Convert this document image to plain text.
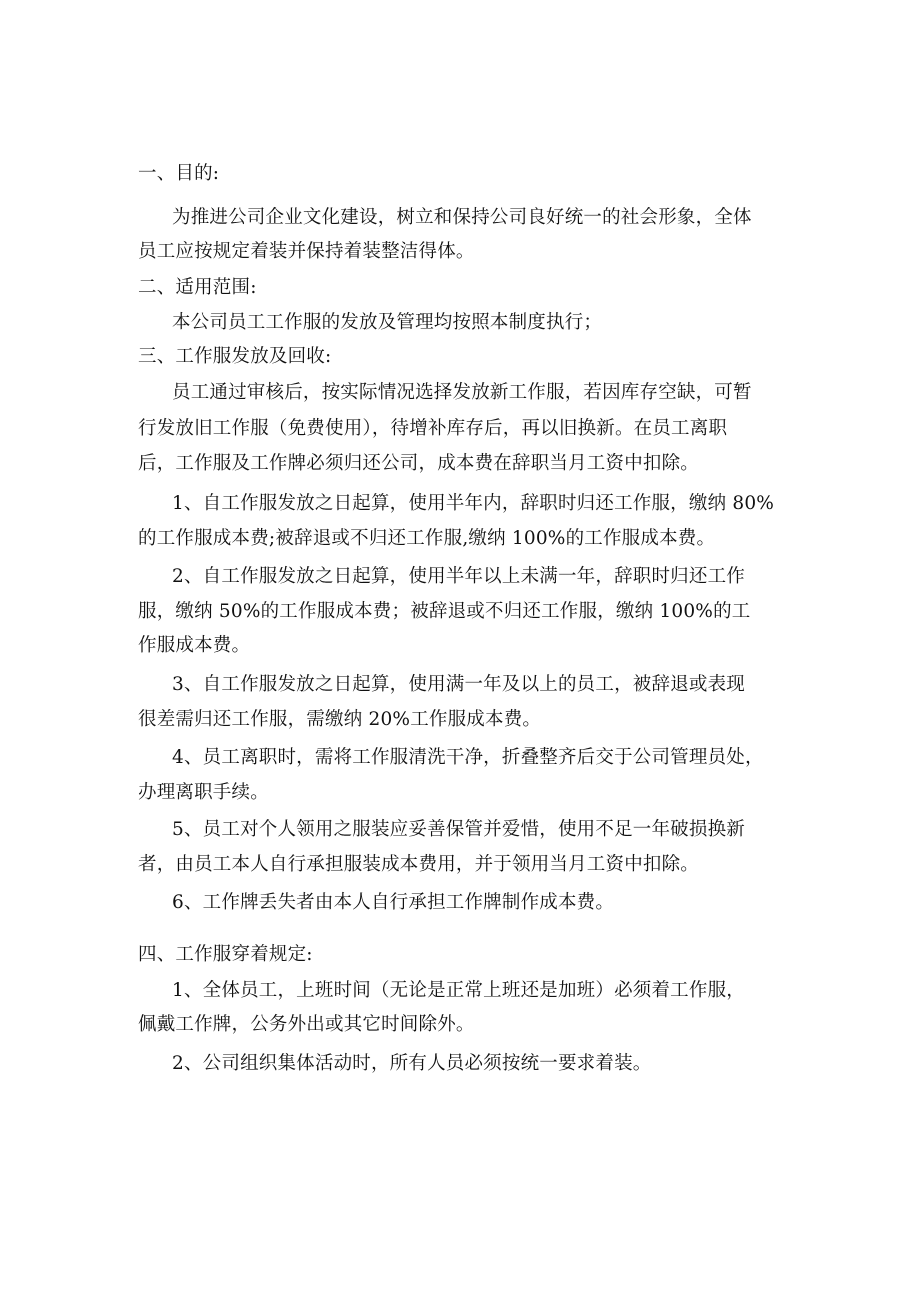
一、目的:
为推进公司企业文化建设，树立和保持公司良好统一的社会形象，全体
员工应按规定着装并保持着装整洁得体。
二、适用范围:
本公司员工工作服的发放及管理均按照本制度执行；
三、工作服发放及回收:
员工通过审核后，按实际情况选择发放新工作服，若因库存空缺，可暂
行发放旧工作服（免费使用），待增补库存后，再以旧换新。在员工离职
后，工作服及工作牌必须归还公司，成本费在辞职当月工资中扣除。
1、自工作服发放之日起算，使用半年内，辞职时归还工作服，缴纳 80%
的工作服成本费;被辞退或不归还工作服,缴纳 100%的工作服成本费。
2、自工作服发放之日起算，使用半年以上未满一年，辞职时归还工作
服，缴纳 50%的工作服成本费；被辞退或不归还工作服，缴纳 100%的工
作服成本费。
3、自工作服发放之日起算，使用满一年及以上的员工，被辞退或表现
很差需归还工作服，需缴纳 20%工作服成本费。
4、员工离职时，需将工作服清洗干净，折叠整齐后交于公司管理员处，
办理离职手续。
5、员工对个人领用之服装应妥善保管并爱惜，使用不足一年破损换新
者，由员工本人自行承担服装成本费用，并于领用当月工资中扣除。
6、工作牌丢失者由本人自行承担工作牌制作成本费。
四、工作服穿着规定:
1、全体员工，上班时间（无论是正常上班还是加班）必须着工作服，
佩戴工作牌，公务外出或其它时间除外。
2、公司组织集体活动时，所有人员必须按统一要求着装。
